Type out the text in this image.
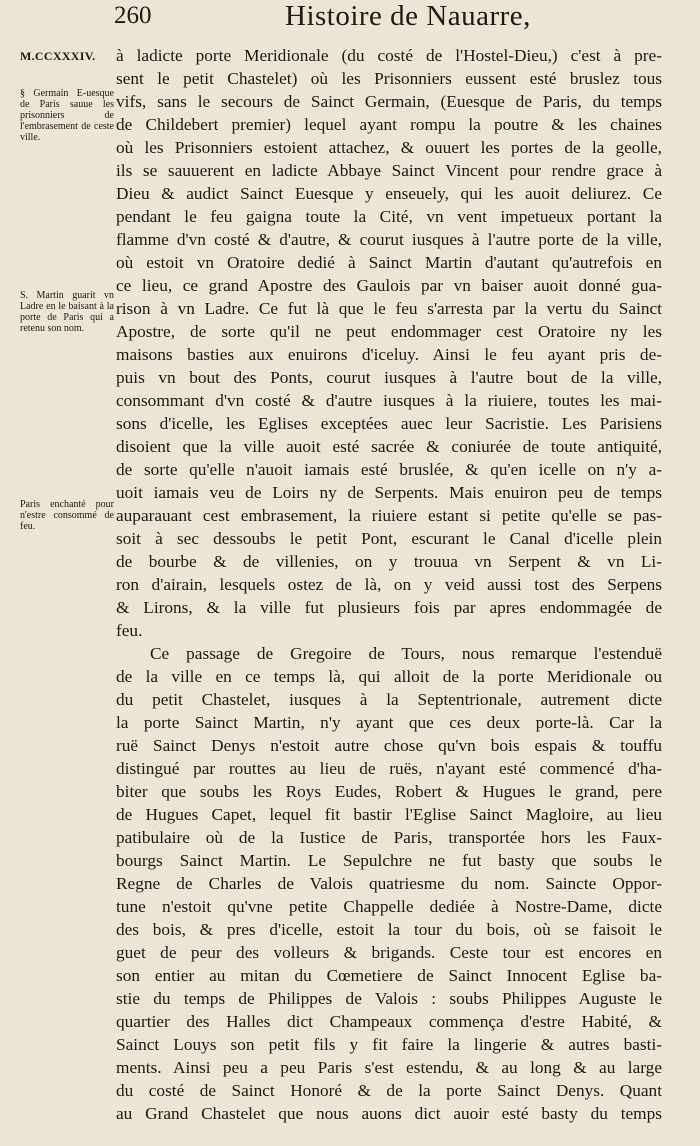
260	Histoire de Nauarre,
M.CCXXXIV.
§ Germain E-uesque de Paris sauue les prisonniers de l'embrasement de ceste ville.
S. Martin guarit vn Ladre en le baisant à la porte de Paris qui a retenu son nom.
Paris enchanté pour n'estre consommé de feu.
à ladicte porte Meridionale (du costé de l'Hostel-Dieu,) c'est à pre-
sent le petit Chastelet) où les Prisonniers eussent esté bruslez tous
vifs, sans le secours de Sainct Germain, (Euesque de Paris, du temps
de Childebert premier) lequel ayant rompu la poutre & les chaines
où les Prisonniers estoient attachez, & ouuert les portes de la geolle,
ils se sauuerent en ladicte Abbaye Sainct Vincent pour rendre grace à
Dieu & audict Sainct Euesque y enseuely, qui les auoit deliurez. Ce
pendant le feu gaigna toute la Cité, vn vent impetueux portant la
flamme d'vn costé & d'autre, & courut iusques à l'autre porte de la ville,
où estoit vn Oratoire dedié à Sainct Martin d'autant qu'autrefois en
ce lieu, ce grand Apostre des Gaulois par vn baiser auoit donné gua-
rison à vn Ladre. Ce fut là que le feu s'arresta par la vertu du Sainct
Apostre, de sorte qu'il ne peut endommager cest Oratoire ny les
maisons basties aux enuirons d'iceluy. Ainsi le feu ayant pris de-
puis vn bout des Ponts, courut iusques à l'autre bout de la ville,
consommant d'vn costé & d'autre iusques à la riuiere, toutes les mai-
sons d'icelle, les Eglises exceptées auec leur Sacristie. Les Parisiens
disoient que la ville auoit esté sacrée & coniurée de toute antiquité,
de sorte qu'elle n'auoit iamais esté bruslée, & qu'en icelle on n'y a-
uoit iamais veu de Loirs ny de Serpents. Mais enuiron peu de temps
auparauant cest embrasement, la riuiere estant si petite qu'elle se pas-
soit à sec dessoubs le petit Pont, escurant le Canal d'icelle plein
de bourbe & de villenies, on y trouua vn Serpent & vn Li-
ron d'airain, lesquels ostez de là, on y veid aussi tost des Serpens
& Lirons, & la ville fut plusieurs fois par apres endommagée de
feu.
Ce passage de Gregoire de Tours, nous remarque l'estenduë
de la ville en ce temps là, qui alloit de la porte Meridionale ou
du petit Chastelet, iusques à la Septentrionale, autrement dicte
la porte Sainct Martin, n'y ayant que ces deux porte-là. Car la
ruë Sainct Denys n'estoit autre chose qu'vn bois espais & touffu
distingué par routtes au lieu de ruës, n'ayant esté commencé d'ha-
biter que soubs les Roys Eudes, Robert & Hugues le grand, pere
de Hugues Capet, lequel fit bastir l'Eglise Sainct Magloire, au lieu
patibulaire où de la Iustice de Paris, transportée hors les Faux-
bourgs Sainct Martin. Le Sepulchre ne fut basty que soubs le
Regne de Charles de Valois quatriesme du nom. Saincte Oppor-
tune n'estoit qu'vne petite Chappelle dediée à Nostre-Dame, dicte
des bois, & pres d'icelle, estoit la tour du bois, où se faisoit le
guet de peur des volleurs & brigands. Ceste tour est encores en
son entier au mitan du Cœmetiere de Sainct Innocent Eglise ba-
stie du temps de Philippes de Valois : soubs Philippes Auguste le
quartier des Halles dict Champeaux commença d'estre Habité, &
Sainct Louys son petit fils y fit faire la lingerie & autres basti-
ments. Ainsi peu a peu Paris s'est estendu, & au long & au large
du costé de Sainct Honoré & de la porte Sainct Denys. Quant
au Grand Chastelet que nous auons dict auoir esté basty du temps
